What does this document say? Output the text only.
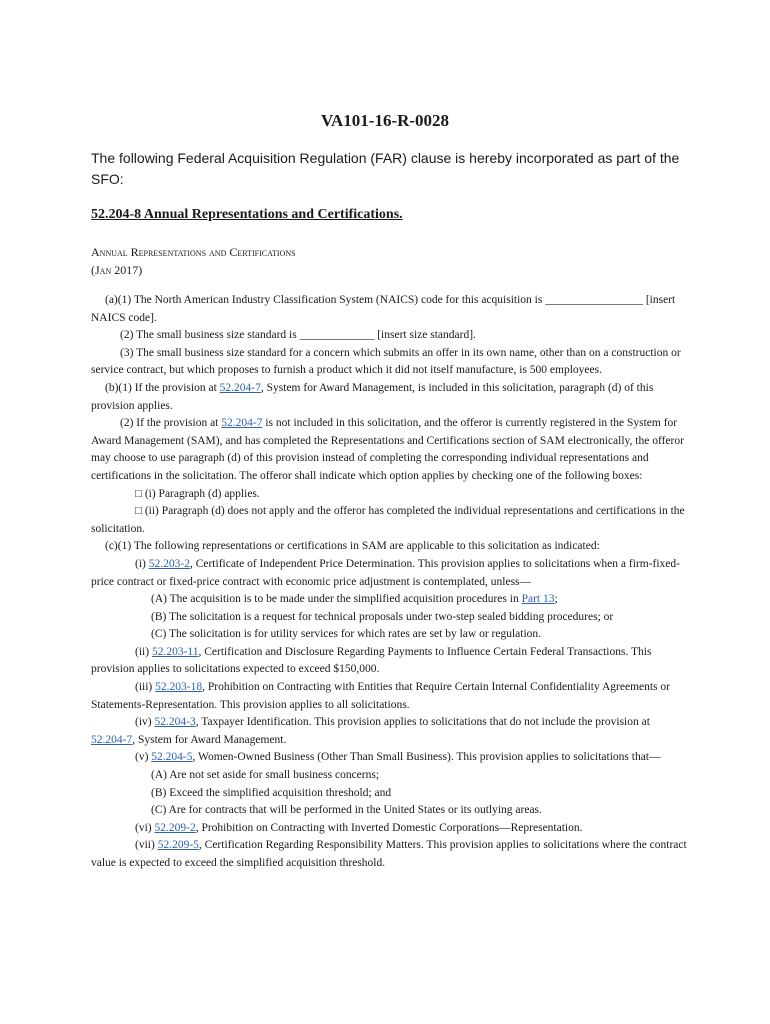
VA101-16-R-0028

The following Federal Acquisition Regulation (FAR) clause is hereby incorporated as part of the SFO:

52.204-8 Annual Representations and Certifications.

Annual Representations and Certifications
(Jan 2017)

(a)(1) The North American Industry Classification System (NAICS) code for this acquisition is _________________ [insert NAICS code].

(2) The small business size standard is _____________ [insert size standard].

(3) The small business size standard for a concern which submits an offer in its own name, other than on a construction or service contract, but which proposes to furnish a product which it did not itself manufacture, is 500 employees.

(b)(1) If the provision at 52.204-7, System for Award Management, is included in this solicitation, paragraph (d) of this provision applies.

(2) If the provision at 52.204-7 is not included in this solicitation, and the offeror is currently registered in the System for Award Management (SAM), and has completed the Representations and Certifications section of SAM electronically, the offeror may choose to use paragraph (d) of this provision instead of completing the corresponding individual representations and certifications in the solicitation. The offeror shall indicate which option applies by checking one of the following boxes:

□ (i) Paragraph (d) applies.

□ (ii) Paragraph (d) does not apply and the offeror has completed the individual representations and certifications in the solicitation.

(c)(1) The following representations or certifications in SAM are applicable to this solicitation as indicated:

(i) 52.203-2, Certificate of Independent Price Determination. This provision applies to solicitations when a firm-fixed-price contract or fixed-price contract with economic price adjustment is contemplated, unless—

(A) The acquisition is to be made under the simplified acquisition procedures in Part 13;

(B) The solicitation is a request for technical proposals under two-step sealed bidding procedures; or

(C) The solicitation is for utility services for which rates are set by law or regulation.

(ii) 52.203-11, Certification and Disclosure Regarding Payments to Influence Certain Federal Transactions. This provision applies to solicitations expected to exceed $150,000.

(iii) 52.203-18, Prohibition on Contracting with Entities that Require Certain Internal Confidentiality Agreements or Statements-Representation. This provision applies to all solicitations.

(iv) 52.204-3, Taxpayer Identification. This provision applies to solicitations that do not include the provision at 52.204-7, System for Award Management.

(v) 52.204-5, Women-Owned Business (Other Than Small Business). This provision applies to solicitations that—

(A) Are not set aside for small business concerns;

(B) Exceed the simplified acquisition threshold; and

(C) Are for contracts that will be performed in the United States or its outlying areas.

(vi) 52.209-2, Prohibition on Contracting with Inverted Domestic Corporations—Representation.

(vii) 52.209-5, Certification Regarding Responsibility Matters. This provision applies to solicitations where the contract value is expected to exceed the simplified acquisition threshold.
